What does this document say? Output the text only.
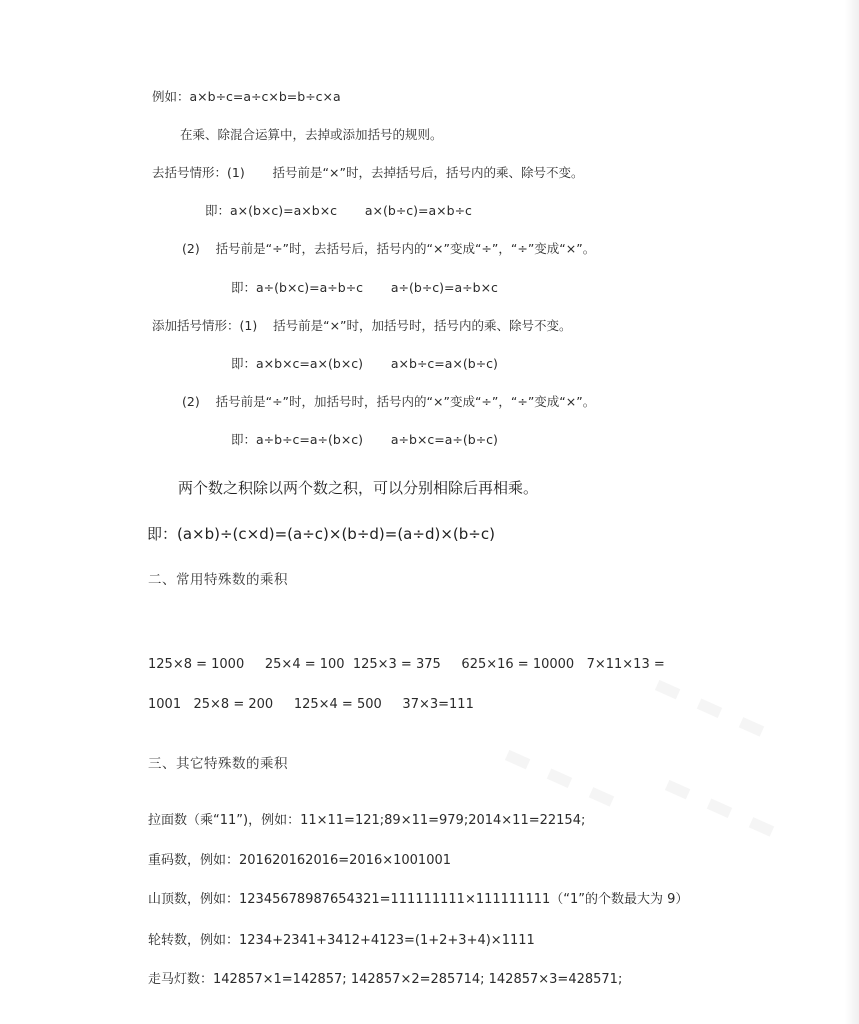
▬ ▬ ▬
▬ ▬ ▬ ▬ ▬ ▬
例如：a×b÷c=a÷c×b=b÷c×a
在乘、除混合运算中，去掉或添加括号的规则。
去括号情形：(1)       括号前是“×”时，去掉括号后，括号内的乘、除号不变。
即：a×(b×c)=a×b×c       a×(b÷c)=a×b÷c
(2)    括号前是“÷”时，去括号后，括号内的“×”变成“÷”，“÷”变成“×”。
即：a÷(b×c)=a÷b÷c       a÷(b÷c)=a÷b×c
添加括号情形：(1)    括号前是“×”时，加括号时，括号内的乘、除号不变。
即：a×b×c=a×(b×c)       a×b÷c=a×(b÷c)
(2)    括号前是“÷”时，加括号时，括号内的“×”变成“÷”，“÷”变成“×”。
即：a÷b÷c=a÷(b×c)       a÷b×c=a÷(b÷c)
两个数之积除以两个数之积，可以分别相除后再相乘。
即：(a×b)÷(c×d)=(a÷c)×(b÷d)=(a÷d)×(b÷c)
二、常用特殊数的乘积
125×8 = 1000     25×4 = 100  125×3 = 375     625×16 = 10000   7×11×13 =
1001   25×8 = 200     125×4 = 500     37×3=111
三、其它特殊数的乘积
拉面数（乘“11”)，例如：11×11=121;89×11=979;2014×11=22154;
重码数，例如：201620162016=2016×1001001
山顶数，例如：12345678987654321=111111111×111111111（“1”的个数最大为 9）
轮转数，例如：1234+2341+3412+4123=(1+2+3+4)×1111
走马灯数：142857×1=142857; 142857×2=285714; 142857×3=428571;
